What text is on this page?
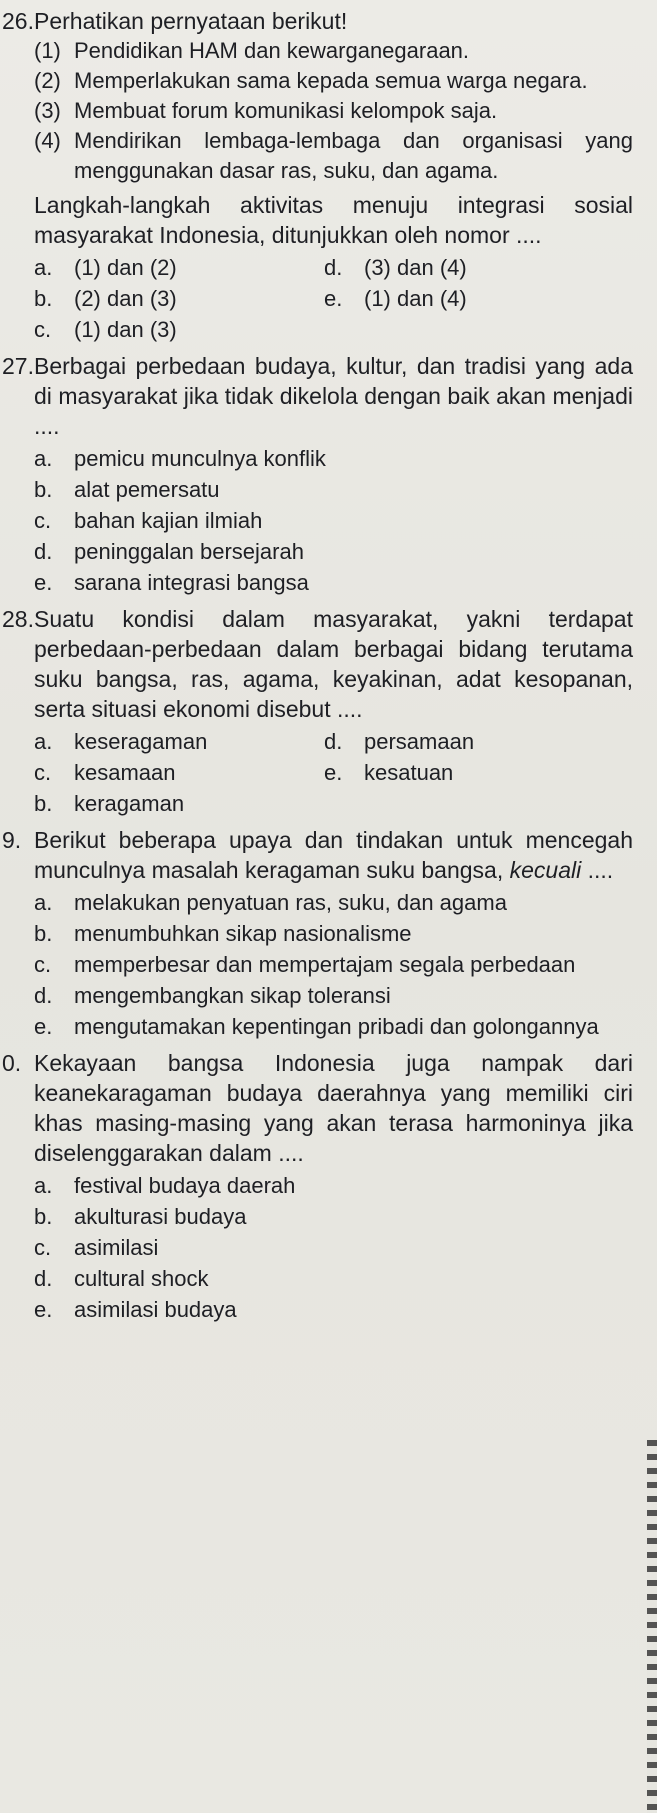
26. Perhatikan pernyataan berikut!
(1) Pendidikan HAM dan kewarganegaraan.
(2) Memperlakukan sama kepada semua warga negara.
(3) Membuat forum komunikasi kelompok saja.
(4) Mendirikan lembaga-lembaga dan organisasi yang menggunakan dasar ras, suku, dan agama.
Langkah-langkah aktivitas menuju integrasi sosial masyarakat Indonesia, ditunjukkan oleh nomor ....
a. (1) dan (2)	d. (3) dan (4)
b. (2) dan (3)	e. (1) dan (4)
c.	(1) dan (3)
27. Berbagai perbedaan budaya, kultur, dan tradisi yang ada di masyarakat jika tidak dikelola dengan baik akan menjadi ....
a. pemicu munculnya konflik
b. alat pemersatu
c.	bahan kajian ilmiah
d. peninggalan bersejarah
e. sarana integrasi bangsa
28. Suatu kondisi dalam masyarakat, yakni terdapat perbedaan-perbedaan dalam berbagai bidang terutama suku bangsa, ras, agama, keyakinan, adat kesopanan, serta situasi ekonomi disebut ....
a. keseragaman	d. persamaan
c.	kesamaan	e. kesatuan
b. keragaman
9. Berikut beberapa upaya dan tindakan untuk mencegah munculnya masalah keragaman suku bangsa, kecuali ....
a. melakukan penyatuan ras, suku, dan agama
b. menumbuhkan sikap nasionalisme
c.	memperbesar dan mempertajam segala perbedaan
d. mengembangkan sikap toleransi
e. mengutamakan kepentingan pribadi dan golongannya
0. Kekayaan bangsa Indonesia juga nampak dari keanekaragaman budaya daerahnya yang memiliki ciri khas masing-masing yang akan terasa harmoninya jika diselenggarakan dalam ....
a. festival budaya daerah
b. akulturasi budaya
c.	asimilasi
d. cultural shock
e. asimilasi budaya
